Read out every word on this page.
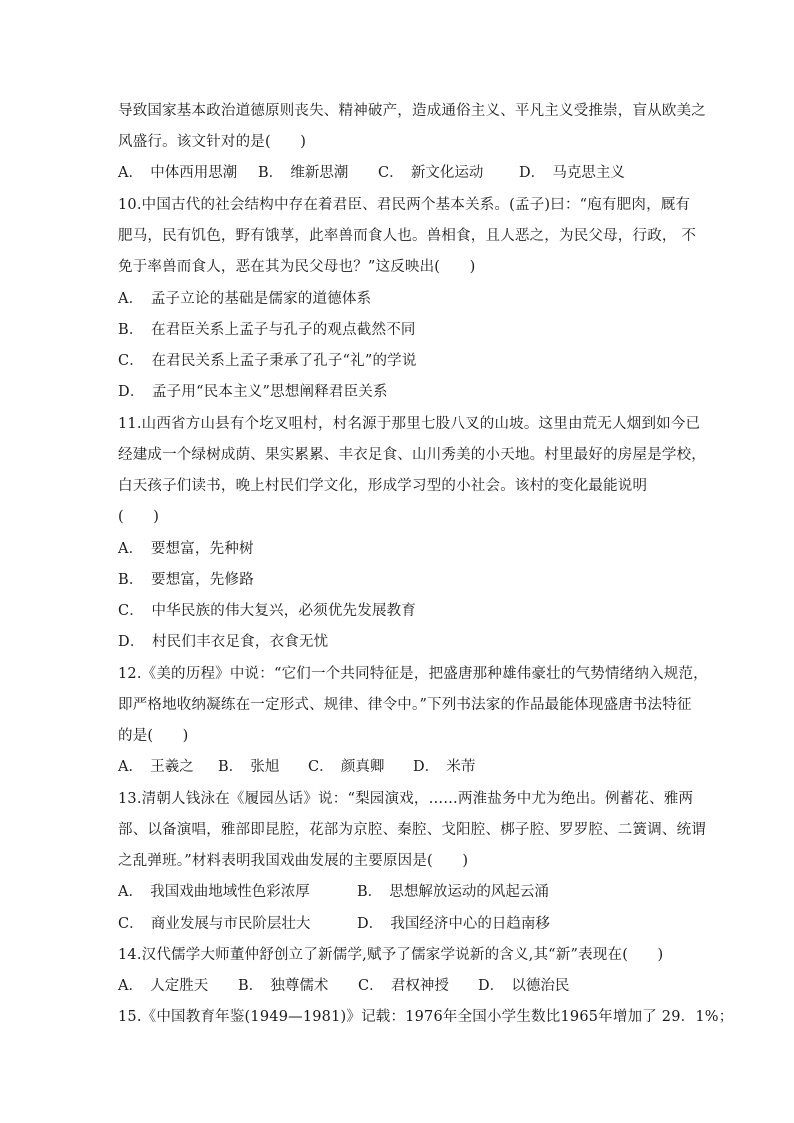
导致国家基本政治道德原则丧失、精神破产，造成通俗主义、平凡主义受推崇，盲从欧美之
风盛行。该文针对的是(　　)
A．　中体西用思潮 B．　维新思潮 C．　新文化运动 D．　马克思主义
10.中国古代的社会结构中存在着君臣、君民两个基本关系。(孟子)曰：“庖有肥肉，厩有
肥马，民有饥色，野有饿莩，此率兽而食人也。兽相食，且人恶之，为民父母，行政， 不
免于率兽而食人，恶在其为民父母也？”这反映出(　　)
A．　孟子立论的基础是儒家的道德体系
B．　在君臣关系上孟子与孔子的观点截然不同
C．　在君民关系上孟子秉承了孔子“礼”的学说
D．　孟子用“民本主义”思想阐释君臣关系
11.山西省方山县有个圪叉咀村，村名源于那里七股八叉的山坡。这里由荒无人烟到如今已
经建成一个绿树成荫、果实累累、丰衣足食、山川秀美的小天地。村里最好的房屋是学校，
白天孩子们读书，晚上村民们学文化，形成学习型的小社会。该村的变化最能说明
(　　)
A．　要想富，先种树
B．　要想富，先修路
C．　中华民族的伟大复兴，必须优先发展教育
D．　村民们丰衣足食，衣食无忧
12.《美的历程》中说：“它们一个共同特征是，把盛唐那种雄伟豪壮的气势情绪纳入规范，
即严格地收纳凝练在一定形式、规律、律令中。”下列书法家的作品最能体现盛唐书法特征
的是(　　)
A．　王羲之 B．　张旭 C．　颜真卿 D．　米芾
13.清朝人钱泳在《履园丛话》说：“梨园演戏，……两淮盐务中尤为绝出。例蓄花、雅两
部、以备演唱，雅部即昆腔，花部为京腔、秦腔、戈阳腔、梆子腔、罗罗腔、二簧调、统谓
之乱弹班。”材料表明我国戏曲发展的主要原因是(　　)
A．　我国戏曲地域性色彩浓厚	B．　思想解放运动的风起云涌
C．　商业发展与市民阶层壮大	D．　我国经济中心的日趋南移
14.汉代儒学大师董仲舒创立了新儒学,赋予了儒家学说新的含义,其“新”表现在(　　)
A．　人定胜天 B．　独尊儒术 C．　君权神授 D．　以德治民
15.《中国教育年鉴(1949—1981)》记载：1976年全国小学生数比1965年增加了 29．1%；
